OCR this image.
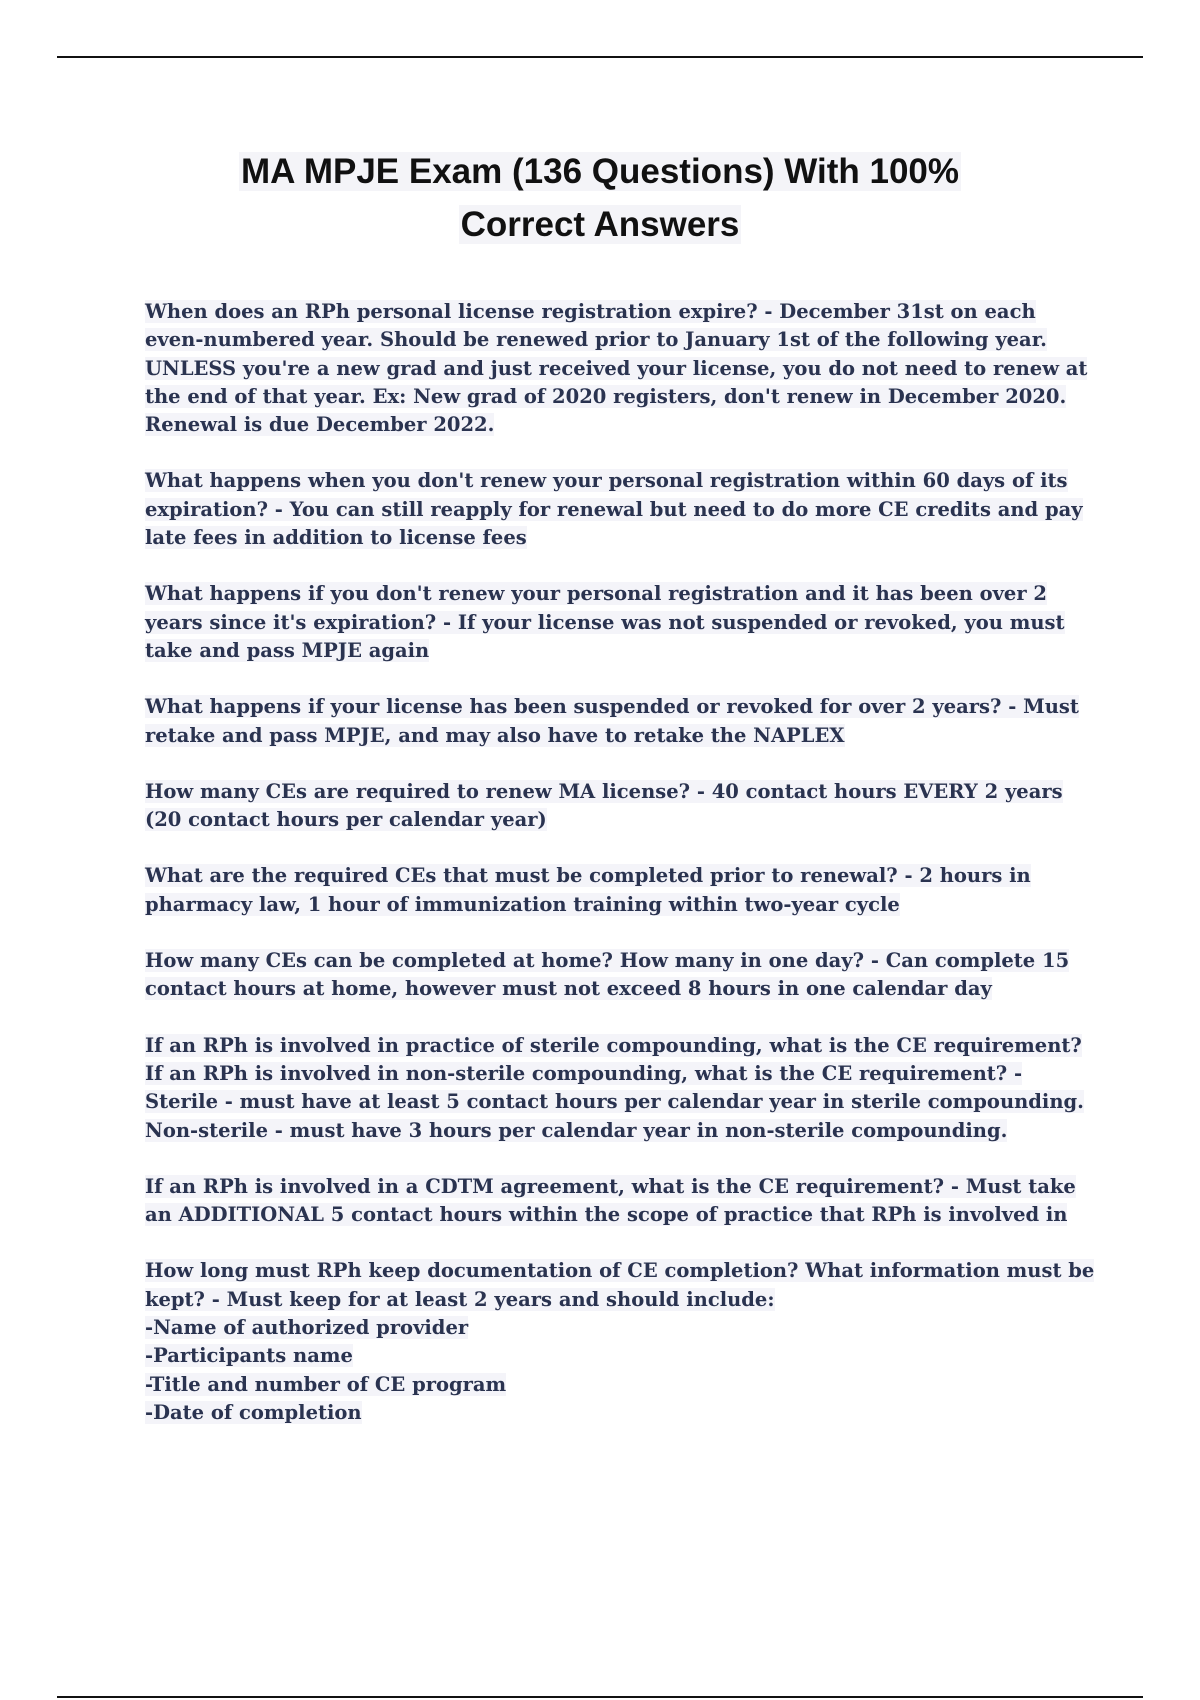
MA MPJE Exam (136 Questions) With 100%
Correct Answers

When does an RPh personal license registration expire? - December 31st on each even-numbered year. Should be renewed prior to January 1st of the following year. UNLESS you're a new grad and just received your license, you do not need to renew at the end of that year. Ex: New grad of 2020 registers, don't renew in December 2020. Renewal is due December 2022.

What happens when you don't renew your personal registration within 60 days of its expiration? - You can still reapply for renewal but need to do more CE credits and pay late fees in addition to license fees

What happens if you don't renew your personal registration and it has been over 2 years since it's expiration? - If your license was not suspended or revoked, you must take and pass MPJE again

What happens if your license has been suspended or revoked for over 2 years? - Must retake and pass MPJE, and may also have to retake the NAPLEX

How many CEs are required to renew MA license? - 40 contact hours EVERY 2 years (20 contact hours per calendar year)

What are the required CEs that must be completed prior to renewal? - 2 hours in pharmacy law, 1 hour of immunization training within two-year cycle

How many CEs can be completed at home? How many in one day? - Can complete 15 contact hours at home, however must not exceed 8 hours in one calendar day

If an RPh is involved in practice of sterile compounding, what is the CE requirement? If an RPh is involved in non-sterile compounding, what is the CE requirement? - Sterile - must have at least 5 contact hours per calendar year in sterile compounding. Non-sterile - must have 3 hours per calendar year in non-sterile compounding.

If an RPh is involved in a CDTM agreement, what is the CE requirement? - Must take an ADDITIONAL 5 contact hours within the scope of practice that RPh is involved in

How long must RPh keep documentation of CE completion? What information must be kept? - Must keep for at least 2 years and should include:
-Name of authorized provider
-Participants name
-Title and number of CE program
-Date of completion
